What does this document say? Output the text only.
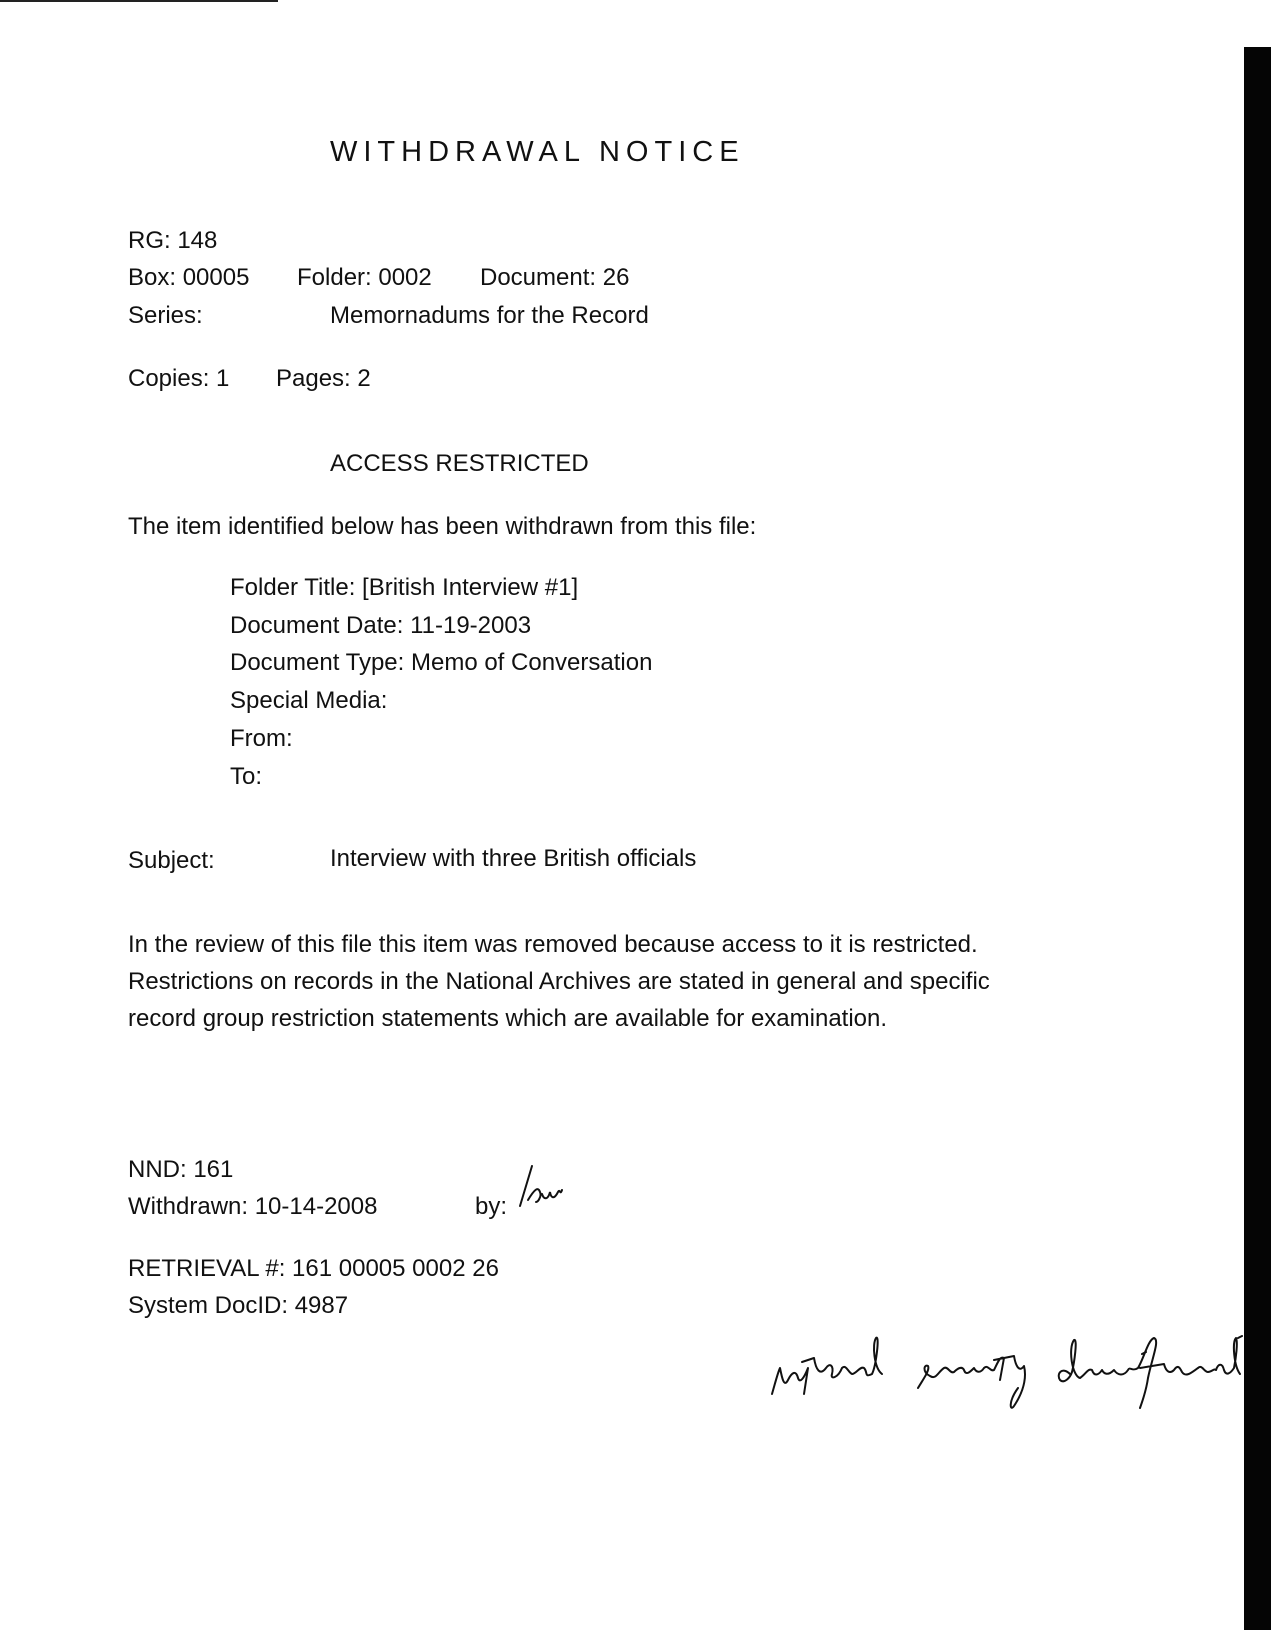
WITHDRAWAL NOTICE
RG: 148
Box: 00005 Folder: 0002 Document: 26
Series:	Memornadums for the Record
Copies: 1 Pages: 2
ACCESS RESTRICTED
The item identified below has been withdrawn from this file:
Folder Title: [British Interview #1]
Document Date: 11-19-2003
Document Type: Memo of Conversation
Special Media:
From:
To:
Subject:	Interview with three British officials
In the review of this file this item was removed because access to it is restricted. Restrictions on records in the National Archives are stated in general and specific record group restriction statements which are available for examination.
NND: 161
Withdrawn: 10-14-2008	by:
RETRIEVAL #: 161 00005 0002 26
System DocID: 4987
